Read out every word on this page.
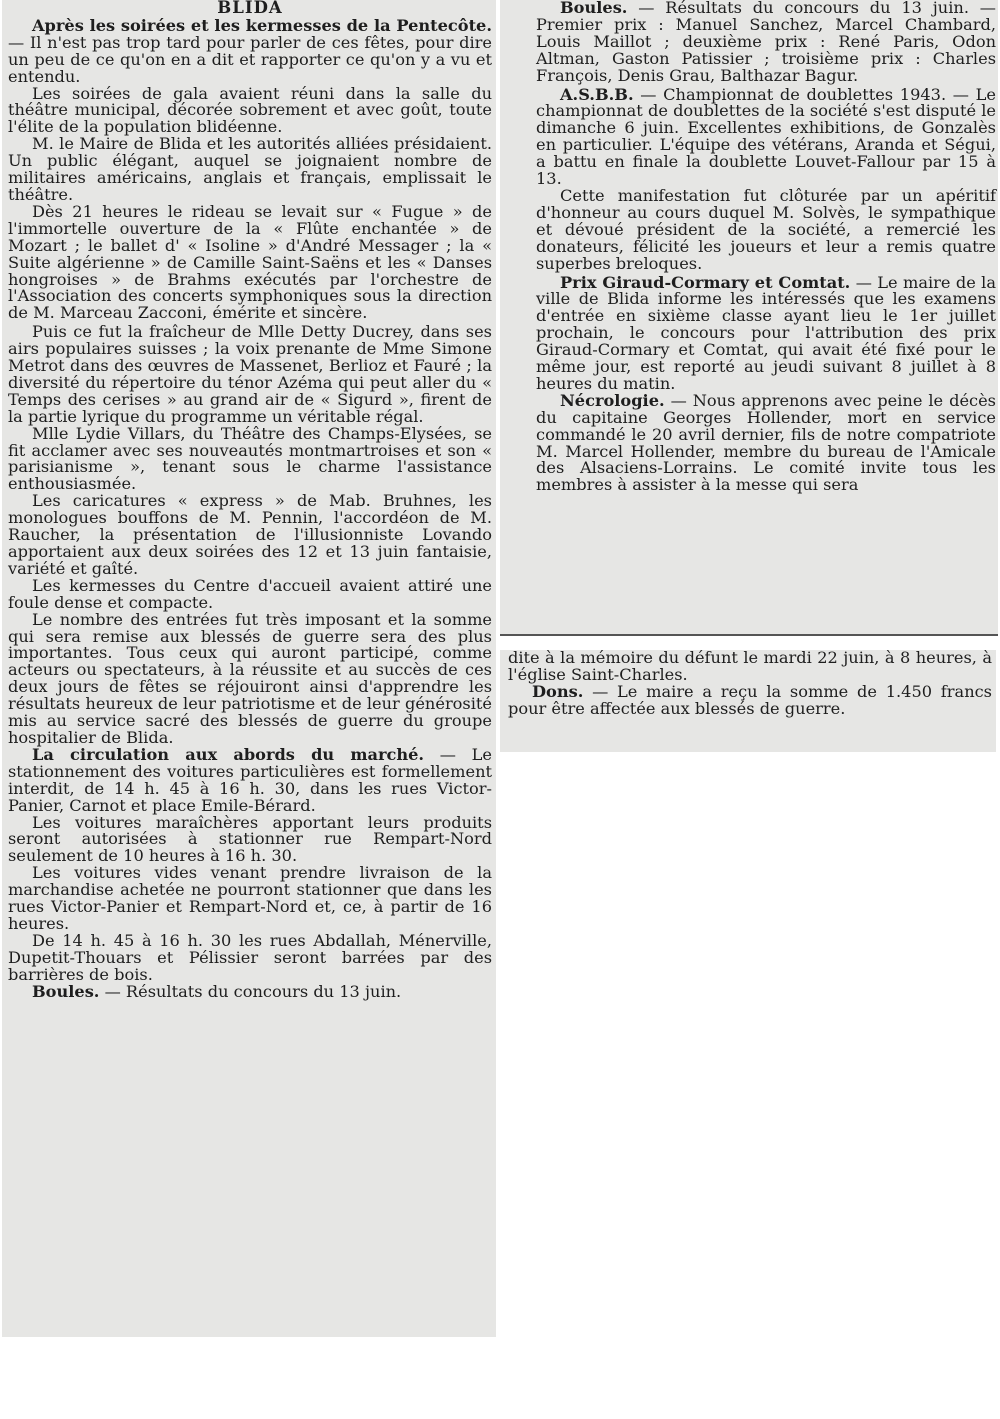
BLIDA

Après les soirées et les kermesses de la Pentecôte. — Il n'est pas trop tard pour parler de ces fêtes, pour dire un peu de ce qu'on en a dit et rapporter ce qu'on y a vu et entendu.

Les soirées de gala avaient réuni dans la salle du théâtre municipal, décorée sobrement et avec goût, toute l'élite de la population blidéenne.

M. le Maire de Blida et les autorités alliées présidaient. Un public élégant, auquel se joignaient nombre de militaires américains, anglais et français, emplissait le théâtre.

Dès 21 heures le rideau se levait sur « Fugue » de l'immortelle ouverture de la « Flûte enchantée » de Mozart ; le ballet d' « Isoline » d'André Messager ; la « Suite algérienne » de Camille Saint-Saëns et les « Danses hongroises » de Brahms exécutés par l'orchestre de l'Association des concerts symphoniques sous la direction de M. Marceau Zacconi, émérite et sincère.

Puis ce fut la fraîcheur de Mlle Detty Ducrey, dans ses airs populaires suisses ; la voix prenante de Mme Simone Metrot dans des œuvres de Massenet, Berlioz et Fauré ; la diversité du répertoire du ténor Azéma qui peut aller du « Temps des cerises » au grand air de « Sigurd », firent de la partie lyrique du programme un véritable régal.

Mlle Lydie Villars, du Théâtre des Champs-Elysées, se fit acclamer avec ses nouveautés montmartroises et son « parisianisme », tenant sous le charme l'assistance enthousiasmée.

Les caricatures « express » de Mab. Bruhnes, les monologues bouffons de M. Pennin, l'accordéon de M. Raucher, la présentation de l'illusionniste Lovando apportaient aux deux soirées des 12 et 13 juin fantaisie, variété et gaîté.

Les kermesses du Centre d'accueil avaient attiré une foule dense et compacte.

Le nombre des entrées fut très imposant et la somme qui sera remise aux blessés de guerre sera des plus importantes. Tous ceux qui auront participé, comme acteurs ou spectateurs, à la réussite et au succès de ces deux jours de fêtes se réjouiront ainsi d'apprendre les résultats heureux de leur patriotisme et de leur générosité mis au service sacré des blessés de guerre du groupe hospitalier de Blida.

La circulation aux abords du marché. — Le stationnement des voitures particulières est formellement interdit, de 14 h. 45 à 16 h. 30, dans les rues Victor-Panier, Carnot et place Emile-Bérard.

Les voitures maraîchères apportant leurs produits seront autorisées à stationner rue Rempart-Nord seulement de 10 heures à 16 h. 30.

Les voitures vides venant prendre livraison de la marchandise achetée ne pourront stationner que dans les rues Victor-Panier et Rempart-Nord et, ce, à partir de 16 heures.

De 14 h. 45 à 16 h. 30 les rues Abdallah, Ménerville, Dupetit-Thouars et Pélissier seront barrées par des barrières de bois.

Boules. — Résultats du concours du 13 juin.

Boules. — Résultats du concours du 13 juin. — Premier prix : Manuel Sanchez, Marcel Chambard, Louis Maillot ; deuxième prix : René Paris, Odon Altman, Gaston Patissier ; troisième prix : Charles François, Denis Grau, Balthazar Bagur.

A.S.B.B. — Championnat de doublettes 1943. — Le championnat de doublettes de la société s'est disputé le dimanche 6 juin. Excellentes exhibitions, de Gonzalès en particulier. L'équipe des vétérans, Aranda et Ségui, a battu en finale la doublette Louvet-Fallour par 15 à 13.

Cette manifestation fut clôturée par un apéritif d'honneur au cours duquel M. Solvès, le sympathique et dévoué président de la société, a remercié les donateurs, félicité les joueurs et leur a remis quatre superbes breloques.

Prix Giraud-Cormary et Comtat. — Le maire de la ville de Blida informe les intéressés que les examens d'entrée en sixième classe ayant lieu le 1er juillet prochain, le concours pour l'attribution des prix Giraud-Cormary et Comtat, qui avait été fixé pour le même jour, est reporté au jeudi suivant 8 juillet à 8 heures du matin.

Nécrologie. — Nous apprenons avec peine le décès du capitaine Georges Hollender, mort en service commandé le 20 avril dernier, fils de notre compatriote M. Marcel Hollender, membre du bureau de l'Amicale des Alsaciens-Lorrains. Le comité invite tous les membres à assister à la messe qui sera

dite à la mémoire du défunt le mardi 22 juin, à 8 heures, à l'église Saint-Charles.

Dons. — Le maire a reçu la somme de 1.450 francs pour être affectée aux blessés de guerre.
